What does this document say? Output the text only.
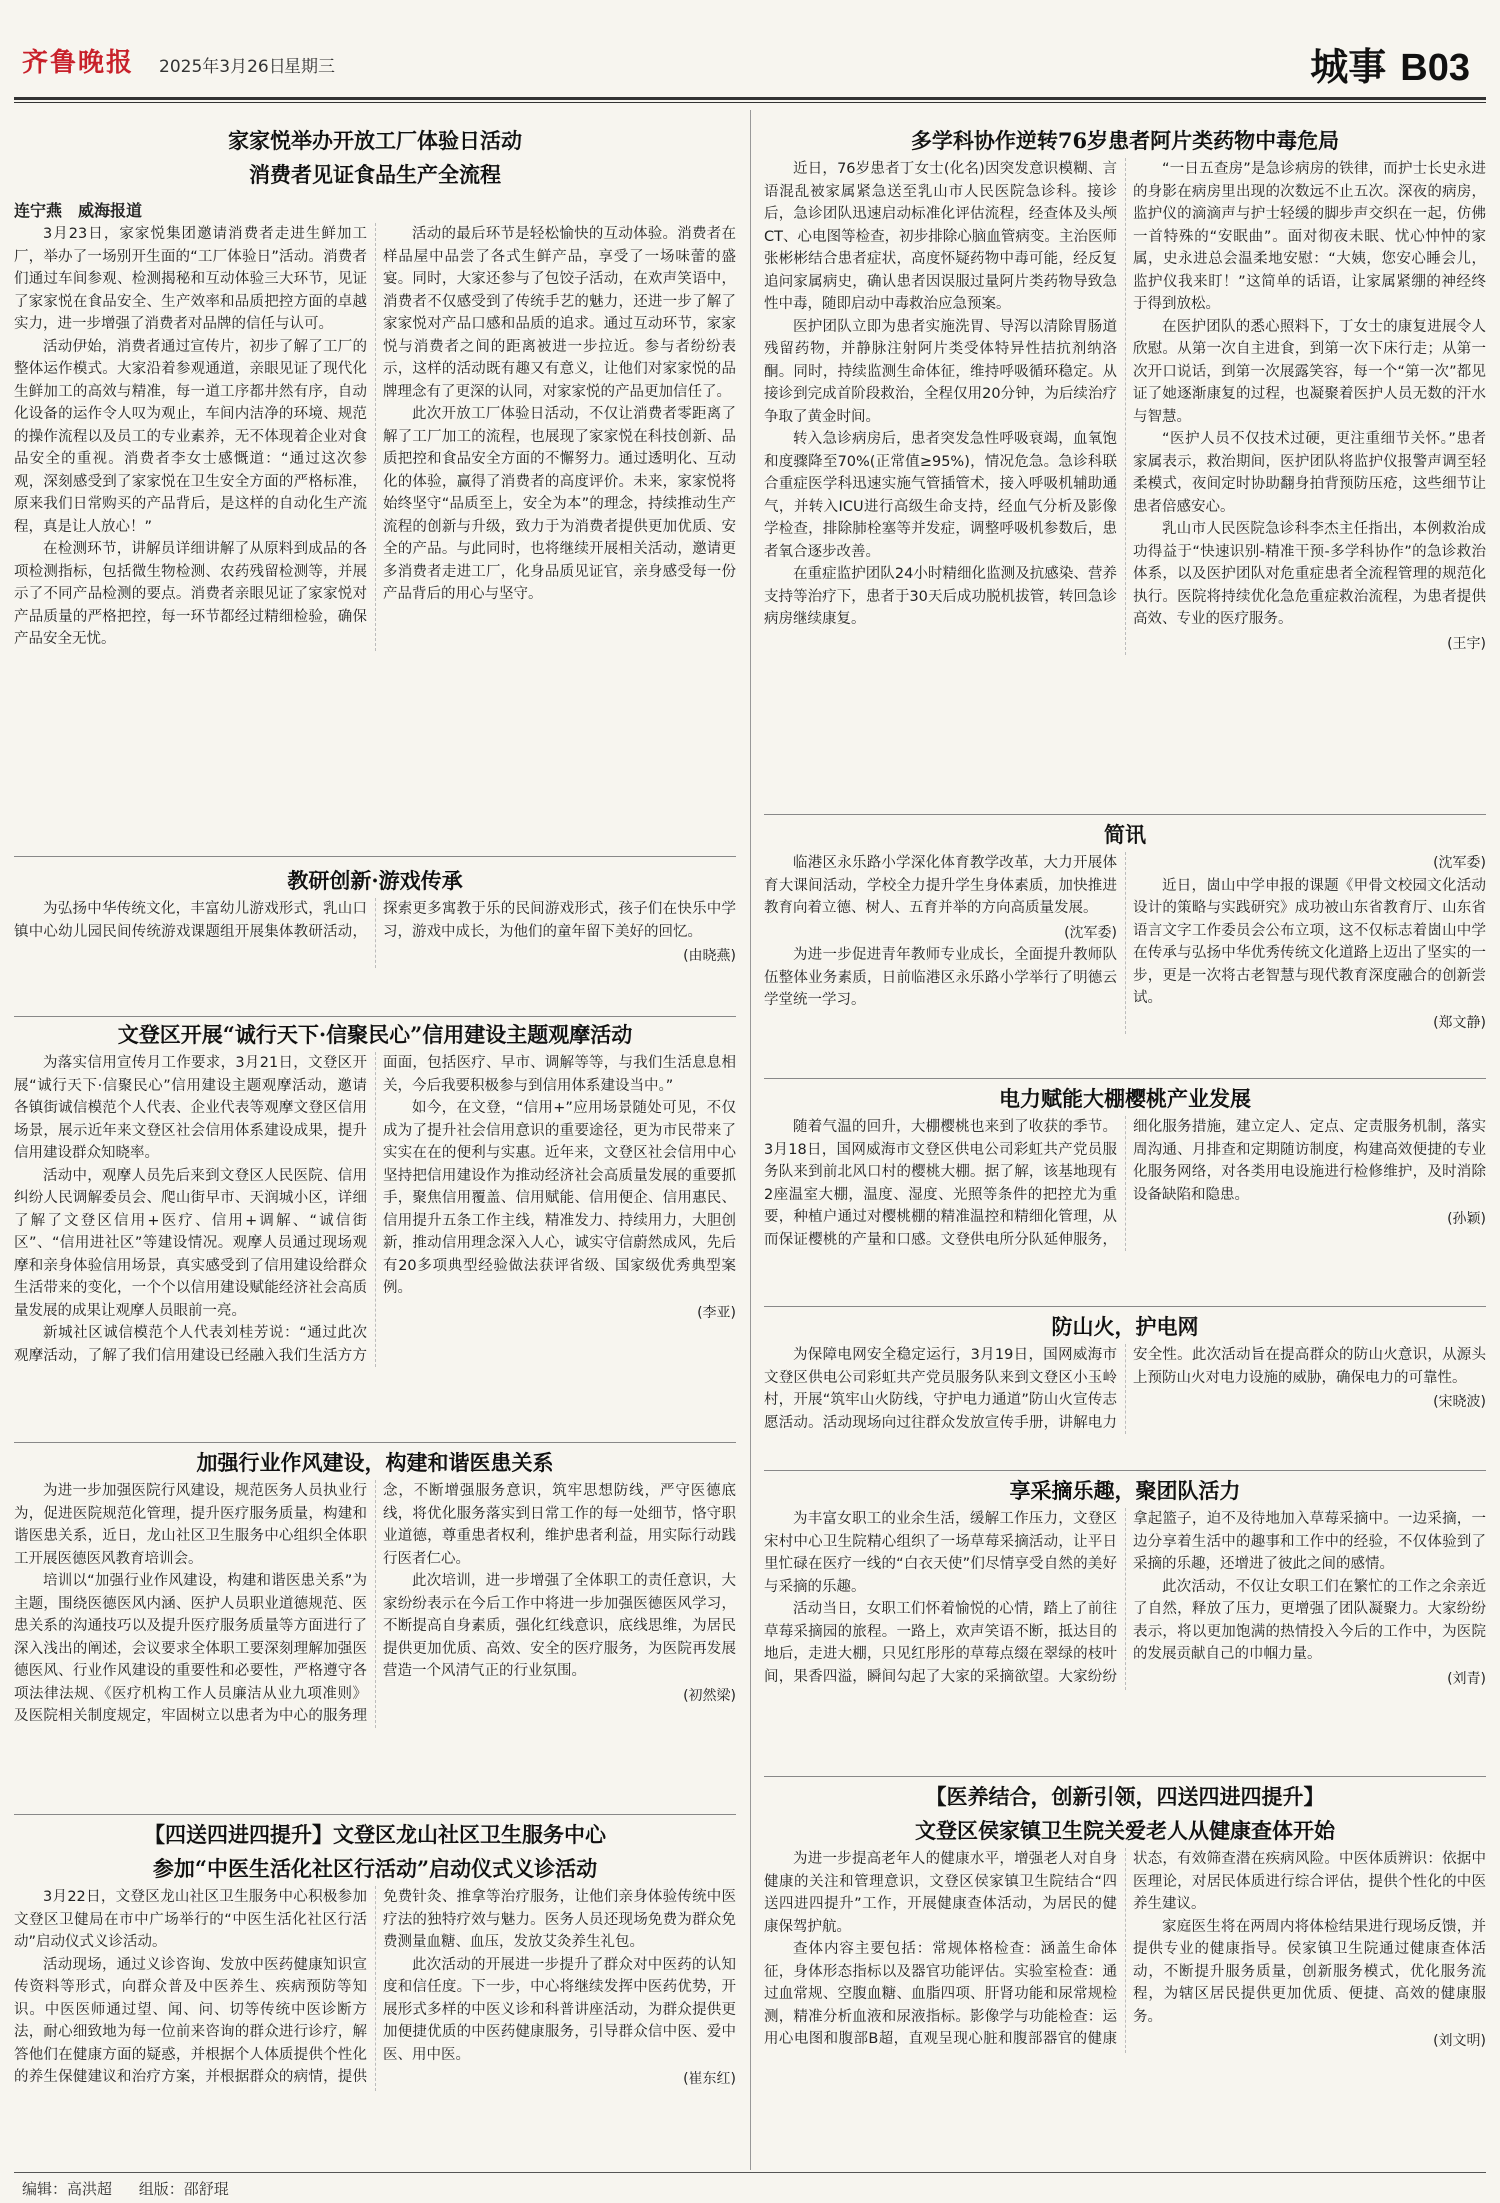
齐鲁晚报 2025年3月26日
星期三	城事 B03
家家悦举办开放工厂体验日活动
消费者见证食品生产全流程
连宁燕　威海报道

3月23日，家家悦集团邀请消费者走进生鲜加工厂，举办了一场别开生面的“工厂体验日”活动。消费者们通过车间参观、检测揭秘和互动体验三大环节，见证了家家悦在食品安全、生产效率和品质把控方面的卓越实力，进一步增强了消费者对品牌的信任与认可。

活动伊始，消费者通过宣传片，初步了解了工厂的整体运作模式。大家沿着参观通道，亲眼见证了现代化生鲜加工的高效与精准，每一道工序都井然有序，自动化设备的运作令人叹为观止，车间内洁净的环境、规范的操作流程以及员工的专业素养，无不体现着企业对食品安全的重视。消费者李女士感慨道：“通过这次参观，深刻感受到了家家悦在卫生安全方面的严格标准，原来我们日常购买的产品背后，是这样的自动化生产流程，真是让人放心！”

在检测环节，讲解员详细讲解了从原料到成品的各项检测指标，包括微生物检测、农药残留检测等，并展示了不同产品检测的要点。消费者亲眼见证了家家悦对产品质量的严格把控，每一环节都经过精细检验，确保产品安全无忧。

活动的最后环节是轻松愉快的互动体验。消费者在样品屋中品尝了各式生鲜产品，享受了一场味蕾的盛宴。同时，大家还参与了包饺子活动，在欢声笑语中，消费者不仅感受到了传统手艺的魅力，还进一步了解了家家悦对产品口感和品质的追求。通过互动环节，家家悦与消费者之间的距离被进一步拉近。参与者纷纷表示，这样的活动既有趣又有意义，让他们对家家悦的品牌理念有了更深的认同，对家家悦的产品更加信任了。

此次开放工厂体验日活动，不仅让消费者零距离了解了工厂加工的流程，也展现了家家悦在科技创新、品质把控和食品安全方面的不懈努力。通过透明化、互动化的体验，赢得了消费者的高度评价。未来，家家悦将始终坚守“品质至上，安全为本”的理念，持续推动生产流程的创新与升级，致力于为消费者提供更加优质、安全的产品。与此同时，也将继续开展相关活动，邀请更多消费者走进工厂，化身品质见证官，亲身感受每一份产品背后的用心与坚守。

教研创新·游戏传承

为弘扬中华传统文化，丰富幼儿游戏形式，乳山口镇中心幼儿园民间传统游戏课题组开展集体教研活动，探索更多寓教于乐的民间游戏形式，孩子们在快乐中学习，游戏中成长，为他们的童年留下美好的回忆。

(由晓燕)
文登区开展“诚行天下·信聚民心”信用建设主题观摩活动

为落实信用宣传月工作要求，3月21日，文登区开展“诚行天下·信聚民心”信用建设主题观摩活动，邀请各镇街诚信模范个人代表、企业代表等观摩文登区信用场景，展示近年来文登区社会信用体系建设成果，提升信用建设群众知晓率。

活动中，观摩人员先后来到文登区人民医院、信用纠纷人民调解委员会、爬山街早市、天润城小区，详细了解了文登区信用+医疗、信用+调解、“诚信街区”、“信用进社区”等建设情况。观摩人员通过现场观摩和亲身体验信用场景，真实感受到了信用建设给群众生活带来的变化，一个个以信用建设赋能经济社会高质量发展的成果让观摩人员眼前一亮。

新城社区诚信模范个人代表刘桂芳说：“通过此次观摩活动，了解了我们信用建设已经融入我们生活方方面面，包括医疗、早市、调解等等，与我们生活息息相关，今后我要积极参与到信用体系建设当中。”

如今，在文登，“信用+”应用场景随处可见，不仅成为了提升社会信用意识的重要途径，更为市民带来了实实在在的便利与实惠。近年来，文登区社会信用中心坚持把信用建设作为推动经济社会高质量发展的重要抓手，聚焦信用覆盖、信用赋能、信用便企、信用惠民、信用提升五条工作主线，精准发力、持续用力，大胆创新，推动信用理念深入人心，诚实守信蔚然成风，先后有20多项典型经验做法获评省级、国家级优秀典型案例。

(李亚)
加强行业作风建设，构建和谐医患关系

为进一步加强医院行风建设，规范医务人员执业行为，促进医院规范化管理，提升医疗服务质量，构建和谐医患关系，近日，龙山社区卫生服务中心组织全体职工开展医德医风教育培训会。

培训以“加强行业作风建设，构建和谐医患关系”为主题，围绕医德医风内涵、医护人员职业道德规范、医患关系的沟通技巧以及提升医疗服务质量等方面进行了深入浅出的阐述，会议要求全体职工要深刻理解加强医德医风、行业作风建设的重要性和必要性，严格遵守各项法律法规、《医疗机构工作人员廉洁从业九项准则》及医院相关制度规定，牢固树立以患者为中心的服务理念，不断增强服务意识，筑牢思想防线，严守医德底线，将优化服务落实到日常工作的每一处细节，恪守职业道德，尊重患者权利，维护患者利益，用实际行动践行医者仁心。

此次培训，进一步增强了全体职工的责任意识，大家纷纷表示在今后工作中将进一步加强医德医风学习，不断提高自身素质，强化红线意识，底线思维，为居民提供更加优质、高效、安全的医疗服务，为医院再发展营造一个风清气正的行业氛围。

(初然梁)
【四送四进四提升】文登区龙山社区卫生服务中心
参加“中医生活化社区行活动”启动仪式义诊活动

3月22日，文登区龙山社区卫生服务中心积极参加文登区卫健局在市中广场举行的“中医生活化社区行活动”启动仪式义诊活动。

活动现场，通过义诊咨询、发放中医药健康知识宣传资料等形式，向群众普及中医养生、疾病预防等知识。中医医师通过望、闻、问、切等传统中医诊断方法，耐心细致地为每一位前来咨询的群众进行诊疗，解答他们在健康方面的疑惑，并根据个人体质提供个性化的养生保健建议和治疗方案，并根据群众的病情，提供免费针灸、推拿等治疗服务，让他们亲身体验传统中医疗法的独特疗效与魅力。医务人员还现场免费为群众免费测量血糖、血压，发放艾灸养生礼包。

此次活动的开展进一步提升了群众对中医药的认知度和信任度。下一步，中心将继续发挥中医药优势，开展形式多样的中医义诊和科普讲座活动，为群众提供更加便捷优质的中医药健康服务，引导群众信中医、爱中医、用中医。

(崔东红)
多学科协作逆转76岁患者阿片类药物中毒危局

近日，76岁患者丁女士(化名)因突发意识模糊、言语混乱被家属紧急送至乳山市人民医院急诊科。接诊后，急诊团队迅速启动标准化评估流程，经查体及头颅CT、心电图等检查，初步排除心脑血管病变。主治医师张彬彬结合患者症状，高度怀疑药物中毒可能，经反复追问家属病史，确认患者因误服过量阿片类药物导致急性中毒，随即启动中毒救治应急预案。

医护团队立即为患者实施洗胃、导泻以清除胃肠道残留药物，并静脉注射阿片类受体特异性拮抗剂纳洛酮。同时，持续监测生命体征，维持呼吸循环稳定。从接诊到完成首阶段救治，全程仅用20分钟，为后续治疗争取了黄金时间。

转入急诊病房后，患者突发急性呼吸衰竭，血氧饱和度骤降至70%(正常值≥95%)，情况危急。急诊科联合重症医学科迅速实施气管插管术，接入呼吸机辅助通气，并转入ICU进行高级生命支持，经血气分析及影像学检查，排除肺栓塞等并发症，调整呼吸机参数后，患者氧合逐步改善。

在重症监护团队24小时精细化监测及抗感染、营养支持等治疗下，患者于30天后成功脱机拔管，转回急诊病房继续康复。

“一日五查房”是急诊病房的铁律，而护士长史永进的身影在病房里出现的次数远不止五次。深夜的病房，监护仪的滴滴声与护士轻缓的脚步声交织在一起，仿佛一首特殊的“安眠曲”。面对彻夜未眠、忧心忡忡的家属，史永进总会温柔地安慰：“大姨，您安心睡会儿，监护仪我来盯！”这简单的话语，让家属紧绷的神经终于得到放松。

在医护团队的悉心照料下，丁女士的康复进展令人欣慰。从第一次自主进食，到第一次下床行走；从第一次开口说话，到第一次展露笑容，每一个“第一次”都见证了她逐渐康复的过程，也凝聚着医护人员无数的汗水与智慧。

“医护人员不仅技术过硬，更注重细节关怀。”患者家属表示，救治期间，医护团队将监护仪报警声调至轻柔模式，夜间定时协助翻身拍背预防压疮，这些细节让患者倍感安心。

乳山市人民医院急诊科李杰主任指出，本例救治成功得益于“快速识别-精准干预-多学科协作”的急诊救治体系，以及医护团队对危重症患者全流程管理的规范化执行。医院将持续优化急危重症救治流程，为患者提供高效、专业的医疗服务。

(王宇)
简讯

临港区永乐路小学深化体育教学改革，大力开展体育大课间活动，学校全力提升学生身体素质，加快推进教育向着立德、树人、五育并举的方向高质量发展。

(沈军委)

为进一步促进青年教师专业成长，全面提升教师队伍整体业务素质，日前临港区永乐路小学举行了明德云学堂统一学习。

(沈军委)

近日，崮山中学申报的课题《甲骨文校园文化活动设计的策略与实践研究》成功被山东省教育厅、山东省语言文字工作委员会公布立项，这不仅标志着崮山中学在传承与弘扬中华优秀传统文化道路上迈出了坚实的一步，更是一次将古老智慧与现代教育深度融合的创新尝试。

(郑文静)
电力赋能大棚樱桃产业发展

随着气温的回升，大棚樱桃也来到了收获的季节。3月18日，国网威海市文登区供电公司彩虹共产党员服务队来到前北风口村的樱桃大棚。据了解，该基地现有2座温室大棚，温度、湿度、光照等条件的把控尤为重要，种植户通过对樱桃棚的精准温控和精细化管理，从而保证樱桃的产量和口感。文登供电所分队延伸服务，细化服务措施，建立定人、定点、定责服务机制，落实周沟通、月排查和定期随访制度，构建高效便捷的专业化服务网络，对各类用电设施进行检修维护，及时消除设备缺陷和隐患。

(孙颖)
防山火，护电网

为保障电网安全稳定运行，3月19日，国网威海市文登区供电公司彩虹共产党员服务队来到文登区小玉岭村，开展“筑牢山火防线，守护电力通道”防山火宣传志愿活动。活动现场向过往群众发放宣传手册，讲解电力安全性。此次活动旨在提高群众的防山火意识，从源头上预防山火对电力设施的威胁，确保电力的可靠性。

(宋晓波)
享采摘乐趣，聚团队活力

为丰富女职工的业余生活，缓解工作压力，文登区宋村中心卫生院精心组织了一场草莓采摘活动，让平日里忙碌在医疗一线的“白衣天使”们尽情享受自然的美好与采摘的乐趣。

活动当日，女职工们怀着愉悦的心情，踏上了前往草莓采摘园的旅程。一路上，欢声笑语不断，抵达目的地后，走进大棚，只见红彤彤的草莓点缀在翠绿的枝叶间，果香四溢，瞬间勾起了大家的采摘欲望。大家纷纷拿起篮子，迫不及待地加入草莓采摘中。一边采摘，一边分享着生活中的趣事和工作中的经验，不仅体验到了采摘的乐趣，还增进了彼此之间的感情。

此次活动，不仅让女职工们在繁忙的工作之余亲近了自然，释放了压力，更增强了团队凝聚力。大家纷纷表示，将以更加饱满的热情投入今后的工作中，为医院的发展贡献自己的巾帼力量。

(刘青)
【医养结合，创新引领，四送四进四提升】
文登区侯家镇卫生院关爱老人从健康查体开始

为进一步提高老年人的健康水平，增强老人对自身健康的关注和管理意识，文登区侯家镇卫生院结合“四送四进四提升”工作，开展健康查体活动，为居民的健康保驾护航。

查体内容主要包括：常规体格检查：涵盖生命体征，身体形态指标以及器官功能评估。实验室检查：通过血常规、空腹血糖、血脂四项、肝肾功能和尿常规检测，精准分析血液和尿液指标。影像学与功能检查：运用心电图和腹部B超，直观呈现心脏和腹部器官的健康状态，有效筛查潜在疾病风险。中医体质辨识：依据中医理论，对居民体质进行综合评估，提供个性化的中医养生建议。

家庭医生将在两周内将体检结果进行现场反馈，并提供专业的健康指导。侯家镇卫生院通过健康查体活动，不断提升服务质量，创新服务模式，优化服务流程，为辖区居民提供更加优质、便捷、高效的健康服务。

(刘文明)
编辑：高洪超 组版：邵舒琨
